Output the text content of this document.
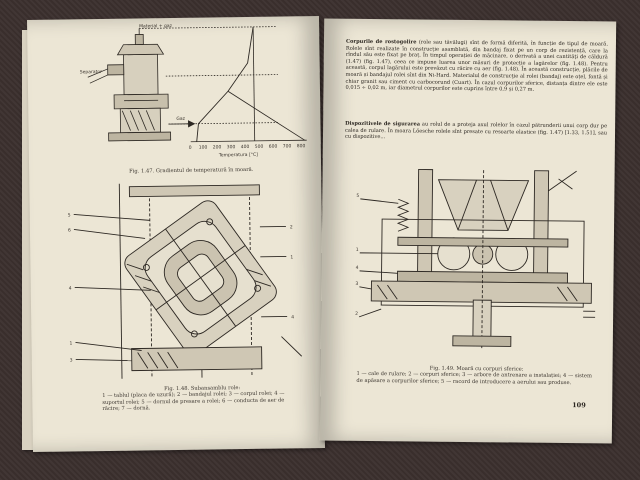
0 100 200 300 400 500 600 700 800
Temperatura [°C]
Material + gaz
Separator
Gaz
Fig. 1.47. Gradientul de temperatură în moară.
5
6
4
1
3
2
1
4
Fig. 1.48. Subansamblu role:
1 — tablul (placa de uzură); 2 — bandajul rolei; 3 — corpul rolei; 4 — suportul rolei; 5 — dornul de presare a rolei; 6 — conducta de aer de răcire; 7 — dornă.
Corpurile de rostogolire (role sau tăvălugi) sînt de formă diferită, în funcție de tipul de moară. Rolele sînt realizate în construcție asamblată, din bandaj fixat pe un corp de rezistență, care la rîndul său este fixat pe braț. În timpul operației de măcinare, o derivată a unei cantităţi de căldură (1.47) (fig. 1.47), ceea ce impune luarea unor măsuri de protecție a lagărelor (fig. 1.48). Pentru această, corpul lagărului este prevăzut cu răcire cu aer (fig. 1.48). În această construcție, plăcile de moară și bandajul rolei sînt din Ni-Hard. Materialul de construcţie al rolei (bandaj) este oțel, fontă și chiar granit sau ciment cu carbocorund (Cuart). În cazul corpurilor sferice, distanța dintre ele este 0,015 ÷ 0,02 m, iar diametrul corpurilor este cuprins între 0,9 și 0,27 m.
Dispozitivele de sigurarea au rolul de a proteja axul rolelor în cazul pătrunderii unui corp dur pe calea de rulare. În moara Lőesche rolele sînt presate cu resoarte elastice (fig. 1.47) [1.33, 1.51], sau cu dispozitive...
5
1
4
3
2
Fig. 1.49. Moară cu corpuri sferice:
1 — cale de rulare; 2 — corpuri sferice; 3 — arbore de antrenare a instalației; 4 — sistem de apăsare a corpurilor sferice; 5 — racord de introducere a aerului sau produse.
109
